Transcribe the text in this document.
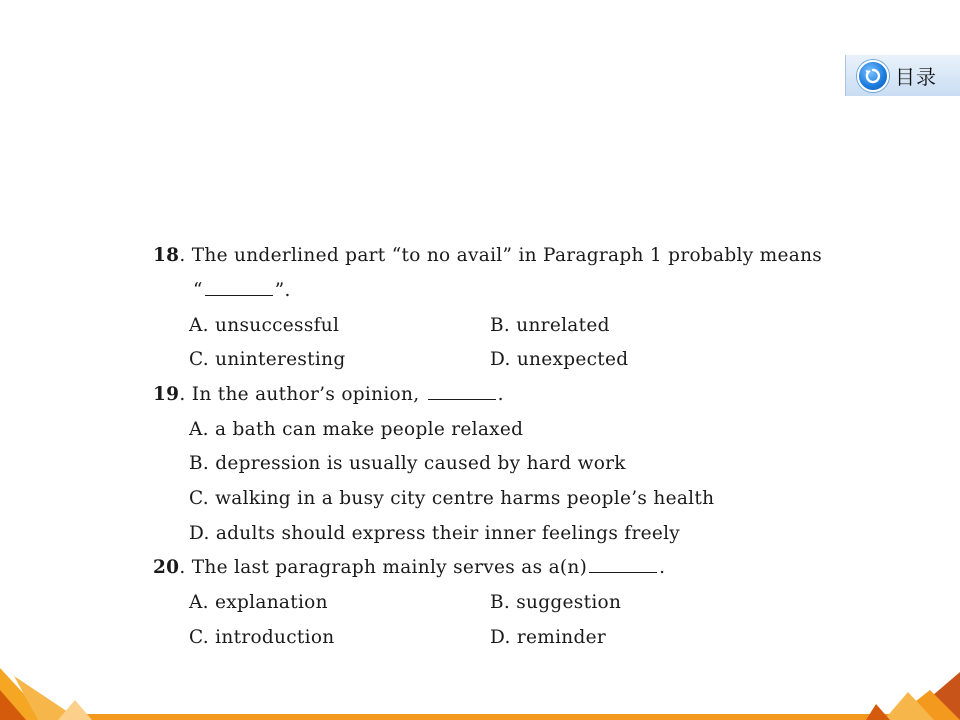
目录
18. The underlined part “to no avail” in Paragraph 1 probably means
“	”.
A. unsuccessful	B. unrelated
C. uninteresting	D. unexpected
19. In the author’s opinion,	.
A. a bath can make people relaxed
B. depression is usually caused by hard work
C. walking in a busy city centre harms people’s health
D. adults should express their inner feelings freely
20. The last paragraph mainly serves as a(n)	.
A. explanation	B. suggestion
C. introduction	D. reminder
